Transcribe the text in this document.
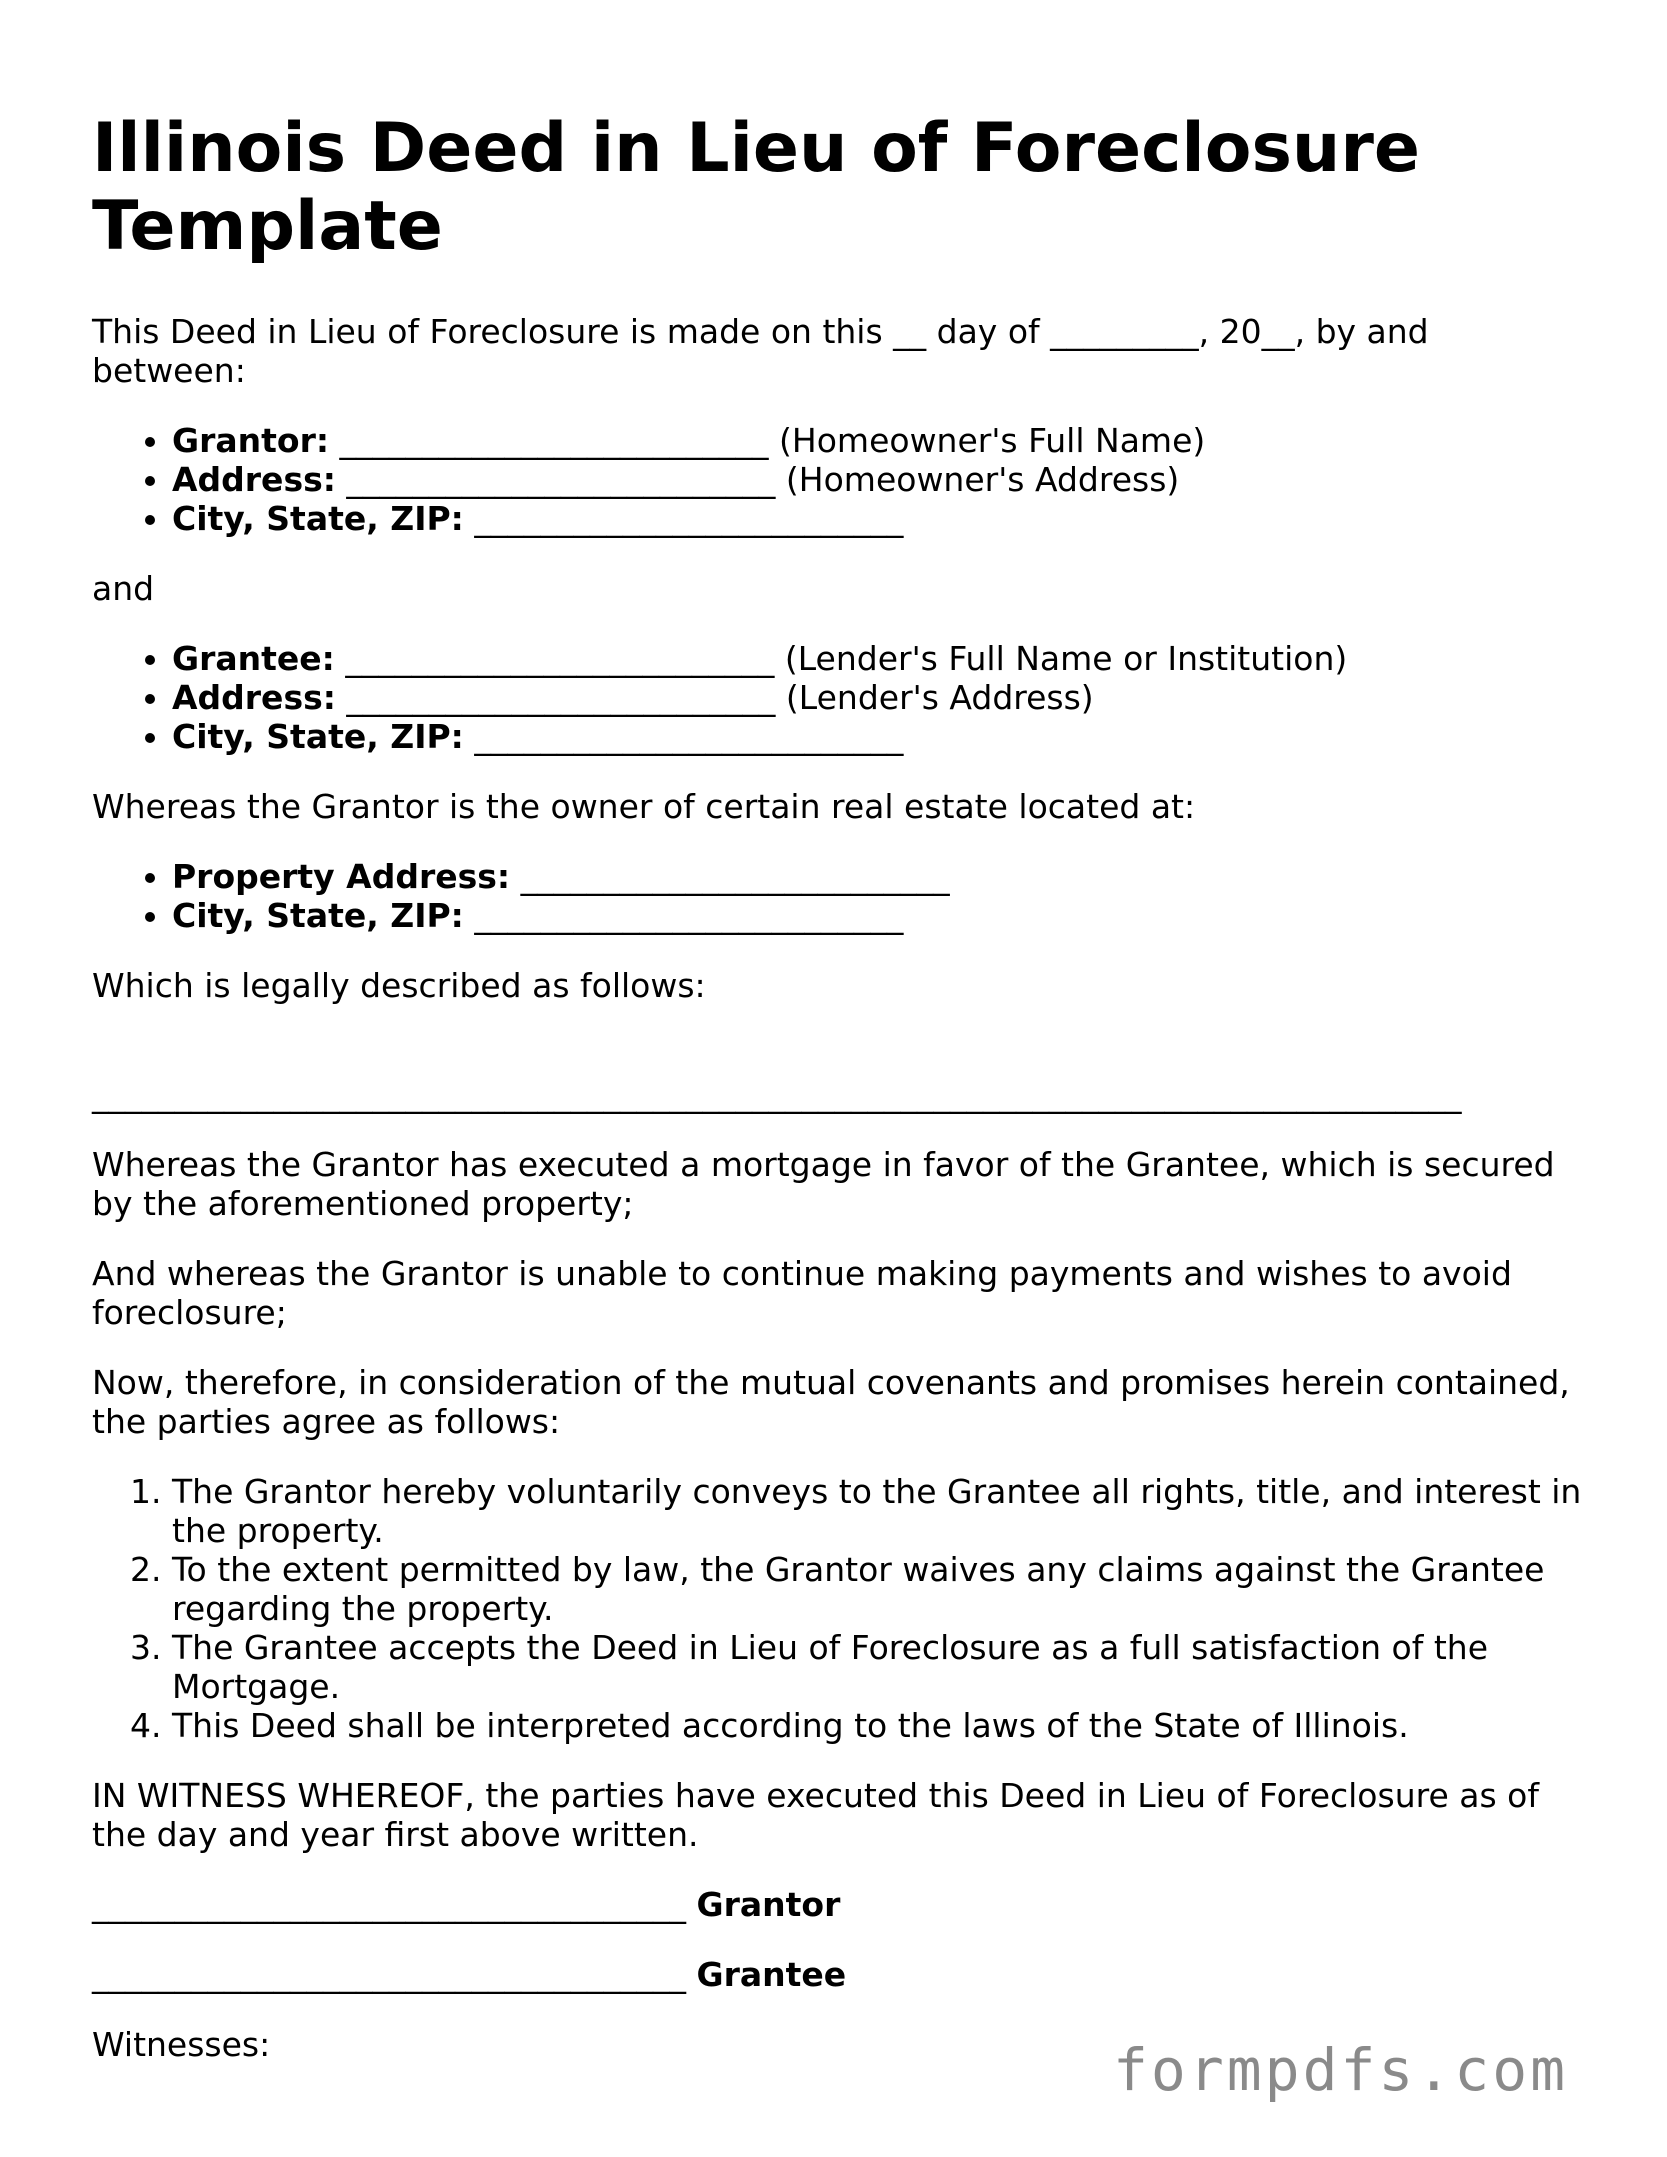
Illinois Deed in Lieu of Foreclosure Template

This Deed in Lieu of Foreclosure is made on this __ day of _________, 20__, by and between:

• Grantor: __________________________ (Homeowner's Full Name)
• Address: __________________________ (Homeowner's Address)
• City, State, ZIP: __________________________

and

• Grantee: __________________________ (Lender's Full Name or Institution)
• Address: __________________________ (Lender's Address)
• City, State, ZIP: __________________________

Whereas the Grantor is the owner of certain real estate located at:

• Property Address: __________________________
• City, State, ZIP: __________________________

Which is legally described as follows:

___________________________________________________________________________________

Whereas the Grantor has executed a mortgage in favor of the Grantee, which is secured by the aforementioned property;

And whereas the Grantor is unable to continue making payments and wishes to avoid foreclosure;

Now, therefore, in consideration of the mutual covenants and promises herein contained, the parties agree as follows:

1. The Grantor hereby voluntarily conveys to the Grantee all rights, title, and interest in the property.
2. To the extent permitted by law, the Grantor waives any claims against the Grantee regarding the property.
3. The Grantee accepts the Deed in Lieu of Foreclosure as a full satisfaction of the Mortgage.
4. This Deed shall be interpreted according to the laws of the State of Illinois.

IN WITNESS WHEREOF, the parties have executed this Deed in Lieu of Foreclosure as of the day and year first above written.

____________________________________ Grantor
____________________________________ Grantee

Witnesses:	formpdfs.com
